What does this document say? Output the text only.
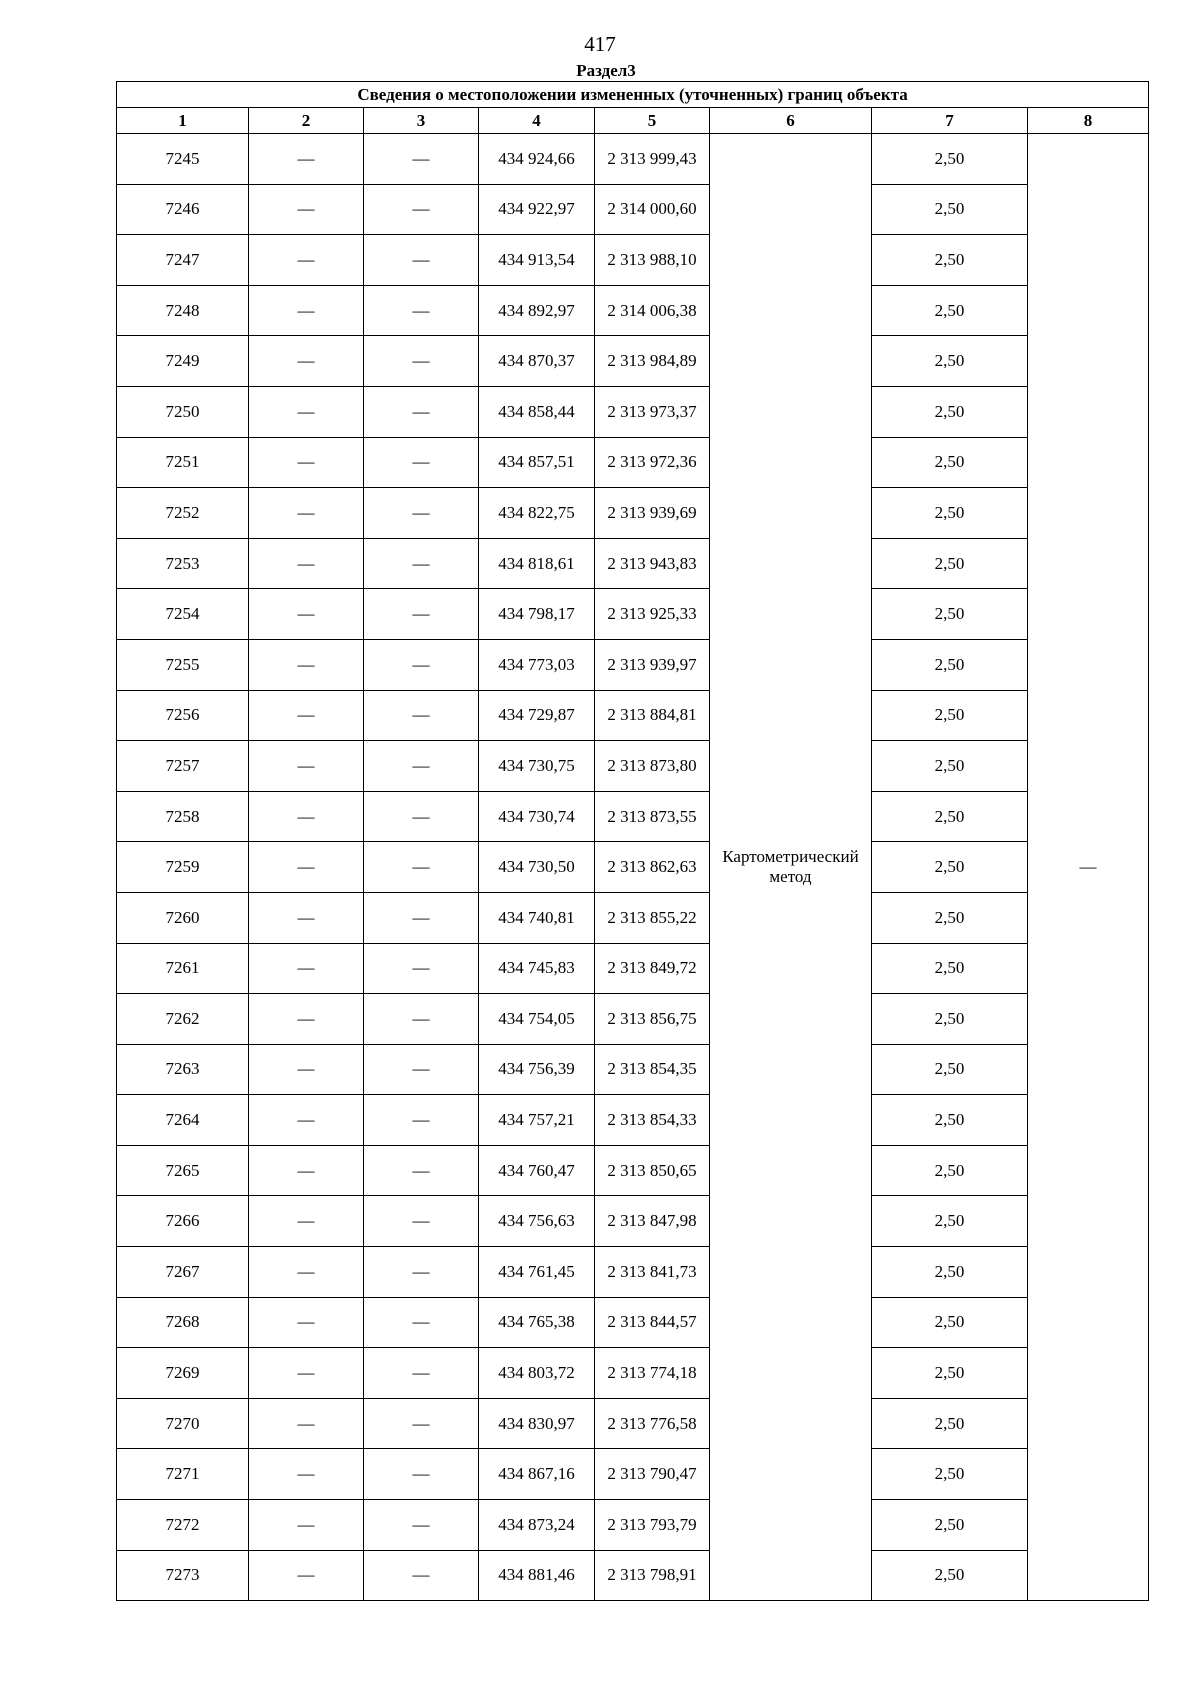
417
Раздел3
Сведения о местоположении измененных (уточненных) границ объекта							
1	2	3	4	5	6	7	8
7245	—	—	434 924,66	2 313 999,43	Картометрический метод	2,50	—
7246	—	—	434 922,97	2 314 000,60		2,50	
7247	—	—	434 913,54	2 313 988,10		2,50	
7248	—	—	434 892,97	2 314 006,38		2,50	
7249	—	—	434 870,37	2 313 984,89		2,50	
7250	—	—	434 858,44	2 313 973,37		2,50	
7251	—	—	434 857,51	2 313 972,36		2,50	
7252	—	—	434 822,75	2 313 939,69		2,50	
7253	—	—	434 818,61	2 313 943,83		2,50	
7254	—	—	434 798,17	2 313 925,33		2,50	
7255	—	—	434 773,03	2 313 939,97		2,50	
7256	—	—	434 729,87	2 313 884,81		2,50	
7257	—	—	434 730,75	2 313 873,80		2,50	
7258	—	—	434 730,74	2 313 873,55		2,50	
7259	—	—	434 730,50	2 313 862,63		2,50	
7260	—	—	434 740,81	2 313 855,22		2,50	
7261	—	—	434 745,83	2 313 849,72		2,50	
7262	—	—	434 754,05	2 313 856,75		2,50	
7263	—	—	434 756,39	2 313 854,35		2,50	
7264	—	—	434 757,21	2 313 854,33		2,50	
7265	—	—	434 760,47	2 313 850,65		2,50	
7266	—	—	434 756,63	2 313 847,98		2,50	
7267	—	—	434 761,45	2 313 841,73		2,50	
7268	—	—	434 765,38	2 313 844,57		2,50	
7269	—	—	434 803,72	2 313 774,18		2,50	
7270	—	—	434 830,97	2 313 776,58		2,50	
7271	—	—	434 867,16	2 313 790,47		2,50	
7272	—	—	434 873,24	2 313 793,79		2,50	
7273	—	—	434 881,46	2 313 798,91		2,50	
